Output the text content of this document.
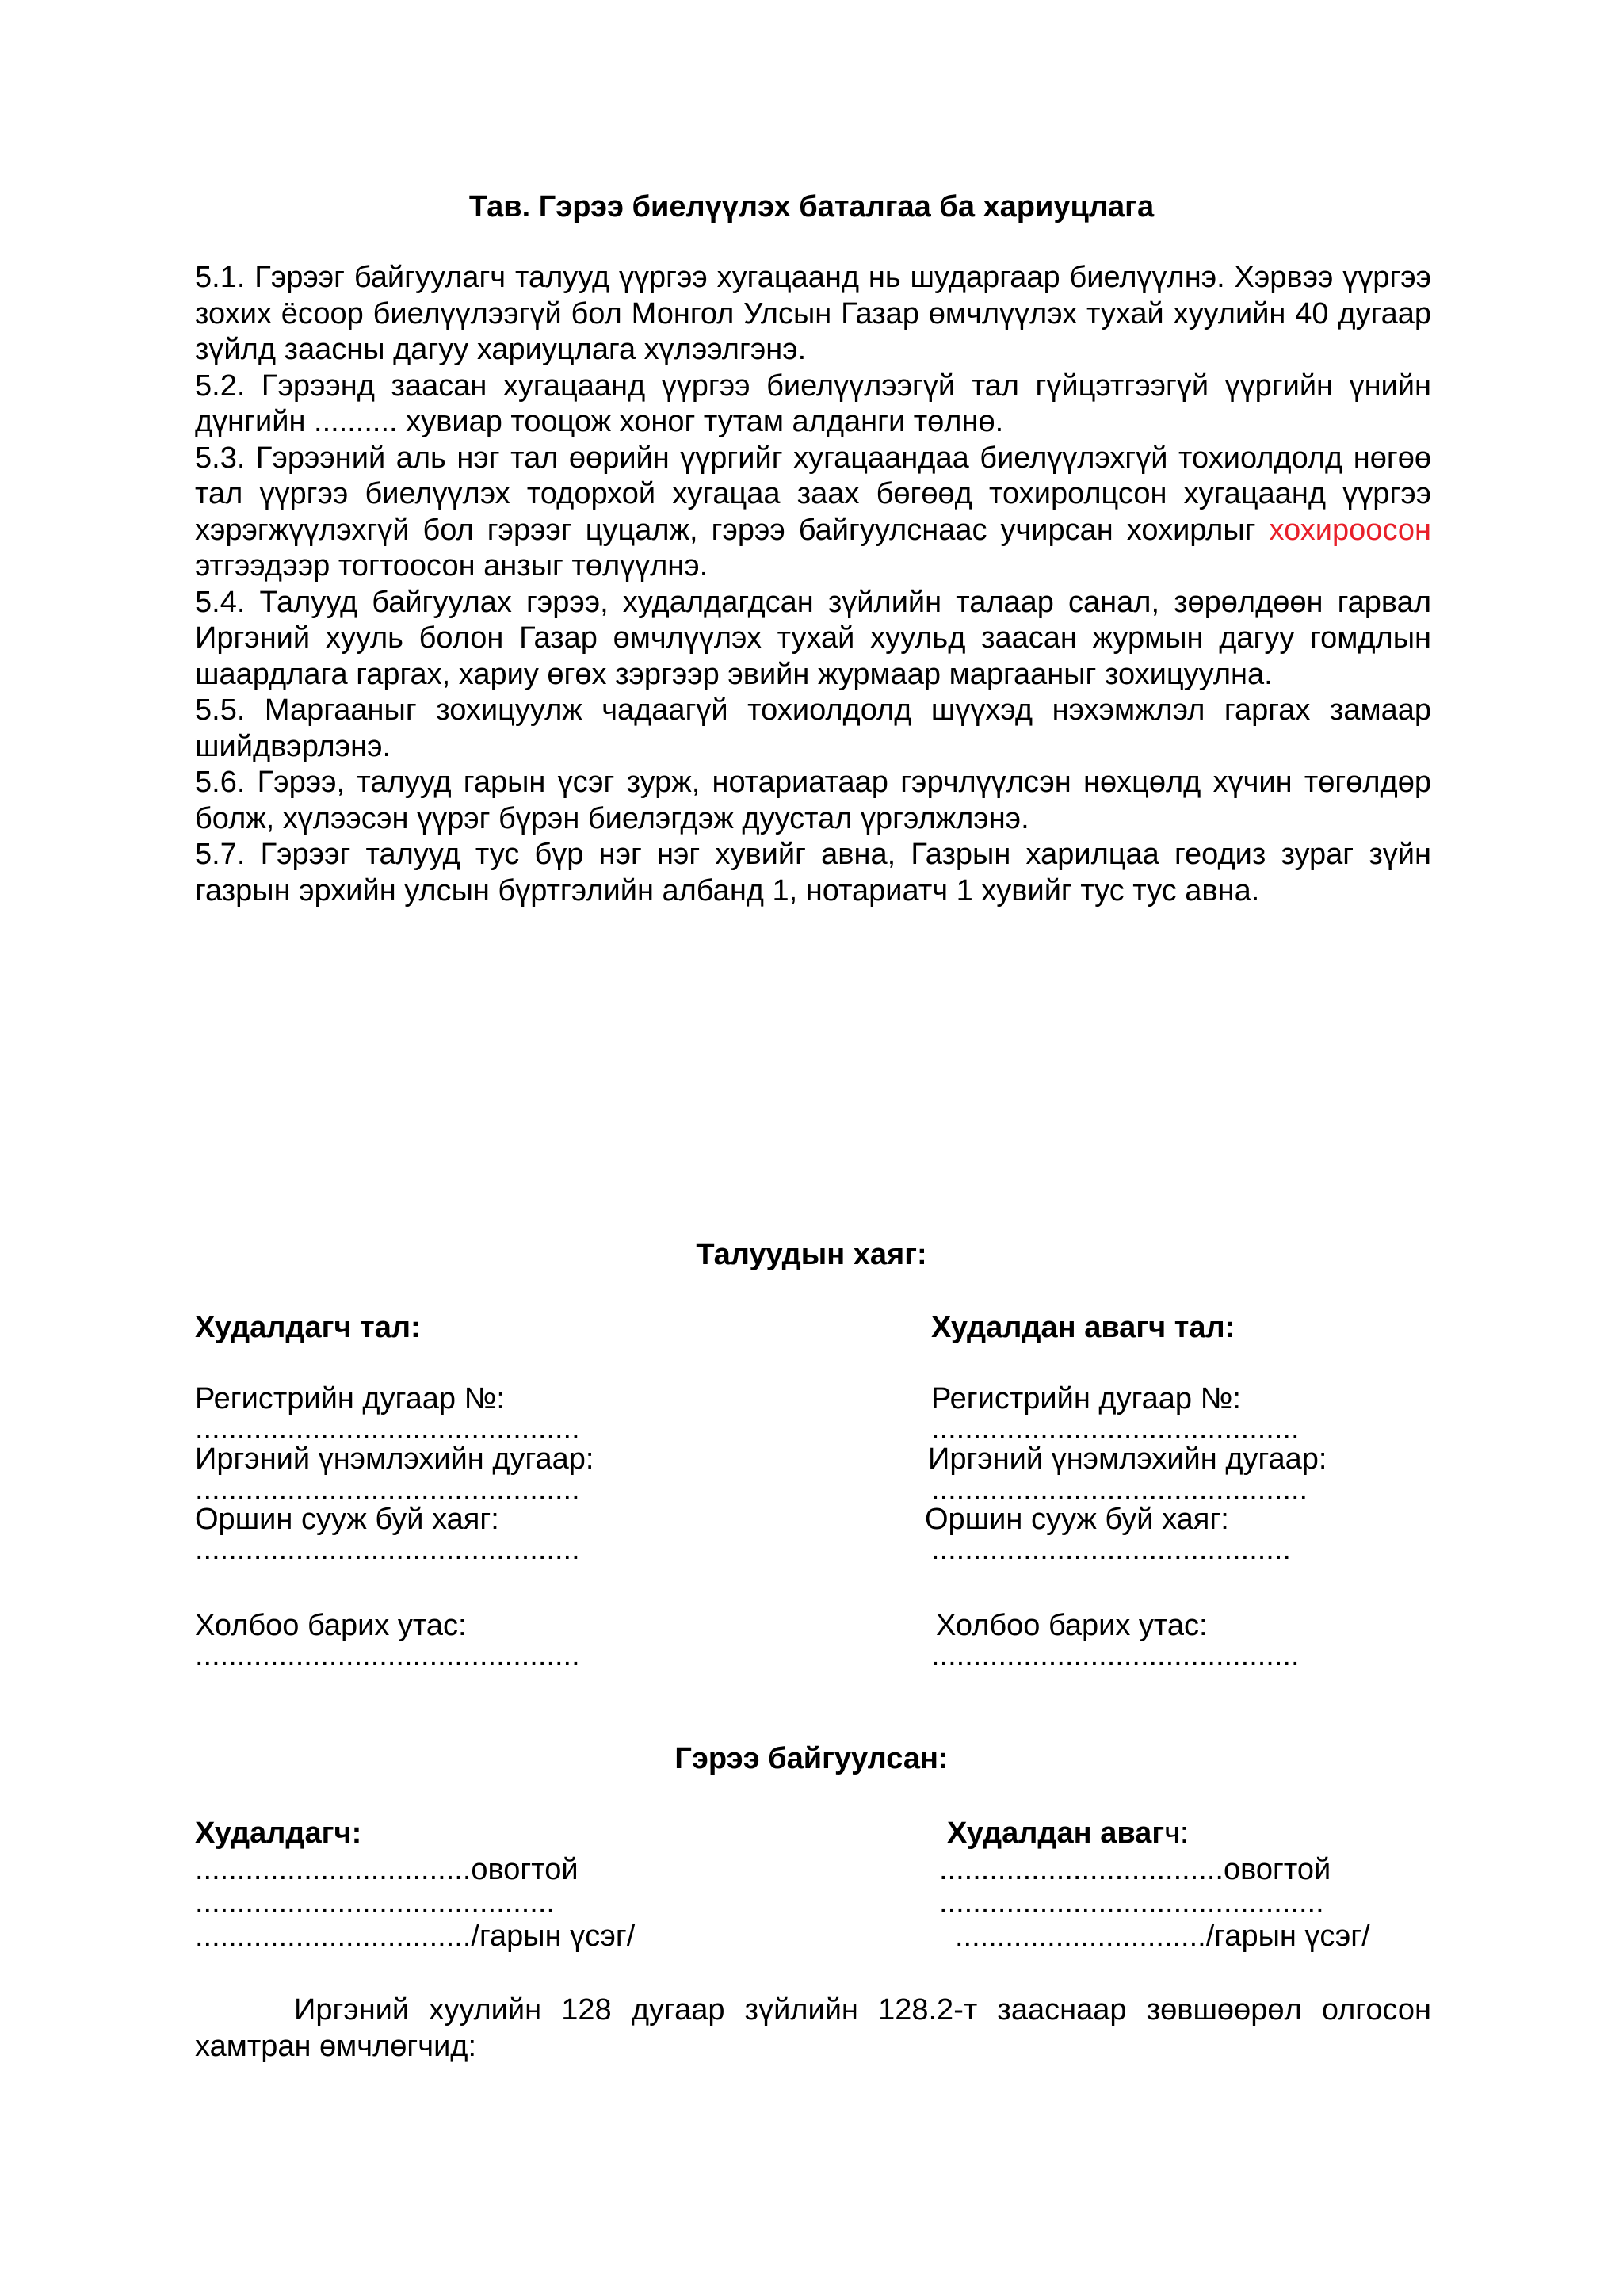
Тав. Гэрээ биелүүлэх баталгаа ба хариуцлага

5.1. Гэрээг байгуулагч талууд үүргээ хугацаанд нь шударгаар биелүүлнэ. Хэрвээ үүргээ зохих ёсоор биелүүлээгүй бол Монгол Улсын Газар өмчлүүлэх тухай хуулийн 40 дугаар зүйлд заасны дагуу хариуцлага хүлээлгэнэ.

5.2. Гэрээнд заасан хугацаанд үүргээ биелүүлээгүй тал гүйцэтгээгүй үүргийн үнийн дүнгийн .......... хувиар тооцож хоног тутам алданги төлнө.

5.3. Гэрээний аль нэг тал өөрийн үүргийг хугацаандаа биелүүлэхгүй тохиолдолд нөгөө тал үүргээ биелүүлэх тодорхой хугацаа заах бөгөөд тохиролцсон хугацаанд үүргээ хэрэгжүүлэхгүй бол гэрээг цуцалж, гэрээ байгуулснаас учирсан хохирлыг хохироосон этгээдээр тогтоосон анзыг төлүүлнэ.

5.4. Талууд байгуулах гэрээ, худалдагдсан зүйлийн талаар санал, зөрөлдөөн гарвал Иргэний хууль болон Газар өмчлүүлэх тухай хуульд заасан журмын дагуу гомдлын шаардлага гаргах, хариу өгөх зэргээр эвийн журмаар маргааныг зохицуулна.

5.5. Маргааныг зохицуулж чадаагүй тохиолдолд шүүхэд нэхэмжлэл гаргах замаар шийдвэрлэнэ.

5.6. Гэрээ, талууд гарын үсэг зурж, нотариатаар гэрчлүүлсэн нөхцөлд хүчин төгөлдөр болж, хүлээсэн үүрэг бүрэн биелэгдэж дуустал үргэлжлэнэ.

5.7. Гэрээг талууд тус бүр нэг нэг хувийг авна, Газрын харилцаа геодиз зураг зүйн газрын эрхийн улсын бүртгэлийн албанд 1, нотариатч 1 хувийг тус тус авна.

Талуудын хаяг:

Худалдагч тал:

Регистрийн дугаар №:

..............................................

Иргэний үнэмлэхийн дугаар:

..............................................

Оршин сууж буй хаяг:

..............................................

Холбоо барих утас:

..............................................

Худалдан авагч тал:

Регистрийн дугаар №:

............................................

Иргэний үнэмлэхийн дугаар:

.............................................

Оршин сууж буй хаяг:

...........................................

Холбоо барих утас:

............................................

Гэрээ байгуулсан:

Худалдагч:

.................................овогтой

...........................................

................................./гарын үсэг/

Худалдан авагч:

..................................овогтой

..............................................

............................../гарын үсэг/

Иргэний хуулийн 128 дугаар зүйлийн 128.2-т зааснаар зөвшөөрөл олгосон хамтран өмчлөгчид:
